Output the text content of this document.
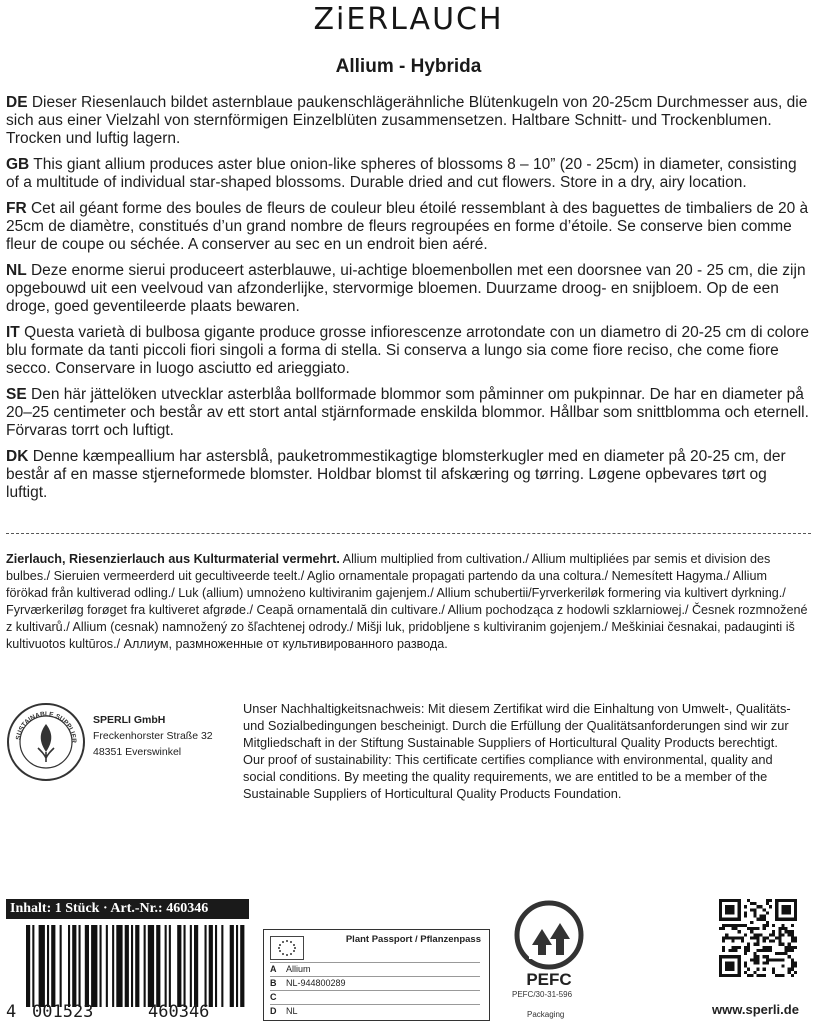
ZiERLAUCH
Allium - Hybrida

DE Dieser Riesenlauch bildet asternblaue paukenschlägerähnliche Blütenkugeln von 20-25cm Durchmesser aus, die sich aus einer Vielzahl von sternförmigen Einzelblüten zusammensetzen. Haltbare Schnitt- und Trockenblumen. Trocken und luftig lagern.

GB This giant allium produces aster blue onion-like spheres of blossoms 8 – 10” (20 - 25cm) in diameter, consisting of a multitude of individual star-shaped blossoms. Durable dried and cut flowers. Store in a dry, airy location.

FR Cet ail géant forme des boules de fleurs de couleur bleu étoilé ressemblant à des baguettes de timbaliers de 20 à 25cm de diamètre, constitués d’un grand nombre de fleurs regroupées en forme d’étoile. Se conserve bien comme fleur de coupe ou séchée. A conserver au sec en un endroit bien aéré.

NL Deze enorme sierui produceert asterblauwe, ui-achtige bloemenbollen met een doorsnee van 20 - 25 cm, die zijn opgebouwd uit een veelvoud van afzonderlijke, stervormige bloemen. Duurzame droog- en snijbloem. Op de een droge, goed geventileerde plaats bewaren.

IT Questa varietà di bulbosa gigante produce grosse infiorescenze arrotondate con un diametro di 20-25 cm di colore blu formate da tanti piccoli fiori singoli a forma di stella. Si conserva a lungo sia come fiore reciso, che come fiore secco. Conservare in luogo asciutto ed arieggiato.

SE Den här jättelöken utvecklar asterblåa bollformade blommor som påminner om pukpinnar. De har en diameter på 20–25 centimeter och består av ett stort antal stjärnformade enskilda blommor. Hållbar som snittblomma och eternell. Förvaras torrt och luftigt.

DK Denne kæmpeallium har astersblå, pauketrommestikagtige blomsterkugler med en diameter på 20-25 cm, der består af en masse stjerneformede blomster. Holdbar blomst til afskæring og tørring. Løgene opbevares tørt og luftigt.

Zierlauch, Riesenzierlauch aus Kulturmaterial vermehrt. Allium multiplied from cultivation./ Allium multipliées par semis et division des bulbes./ Sieruien vermeerderd uit gecultiveerde teelt./ Aglio ornamentale propagati partendo da una coltura./ Nemesített Hagyma./ Allium förökad från kultiverad odling./ Luk (allium) umnożeno kultiviranim gajenjem./ Allium schubertii/Fyrverkeriløk formering via kultivert dyrkning./ Fyrværkeriløg forøget fra kultiveret afgrøde./ Ceapă ornamentală din cultivare./ Allium pochodząca z hodowli szklarniowej./ Česnek rozmnožené z kultivarů./ Allium (cesnak) namnožený zo šľachtenej odrody./ Mišji luk, pridobljene s kultiviranim gojenjem./ Meškiniai česnakai, padauginti iš kultivuotos kultūros./ Аллиум, размноженные от культивированного развода.
SUSTAINABLE SUPPLIER
SPERLI GmbH
Freckenhorster Straße 32
48351 Everswinkel

Unser Nachhaltigkeitsnachweis: Mit diesem Zertifikat wird die Einhaltung von Umwelt-, Qualitäts- und Sozialbedingungen bescheinigt. Durch die Erfüllung der Qualitätsanforderungen sind wir zur Mitgliedschaft in der Stiftung Sustainable Suppliers of Horticultural Quality Products berechtigt.

Our proof of sustainability: This certificate certifies compliance with environmental, quality and social conditions. By meeting the quality requirements, we are entitled to be a member of the Sustainable Suppliers of Horticultural Quality Products Foundation.

Inhalt: 1 Stück · Art.-Nr.: 460346
4 001523	460346
Plant Passport / Pflanzenpass
A Allium
B NL-944800289
C
D NL
PEFC
PEFC/30-31-596
Packaging	www.sperli.de
